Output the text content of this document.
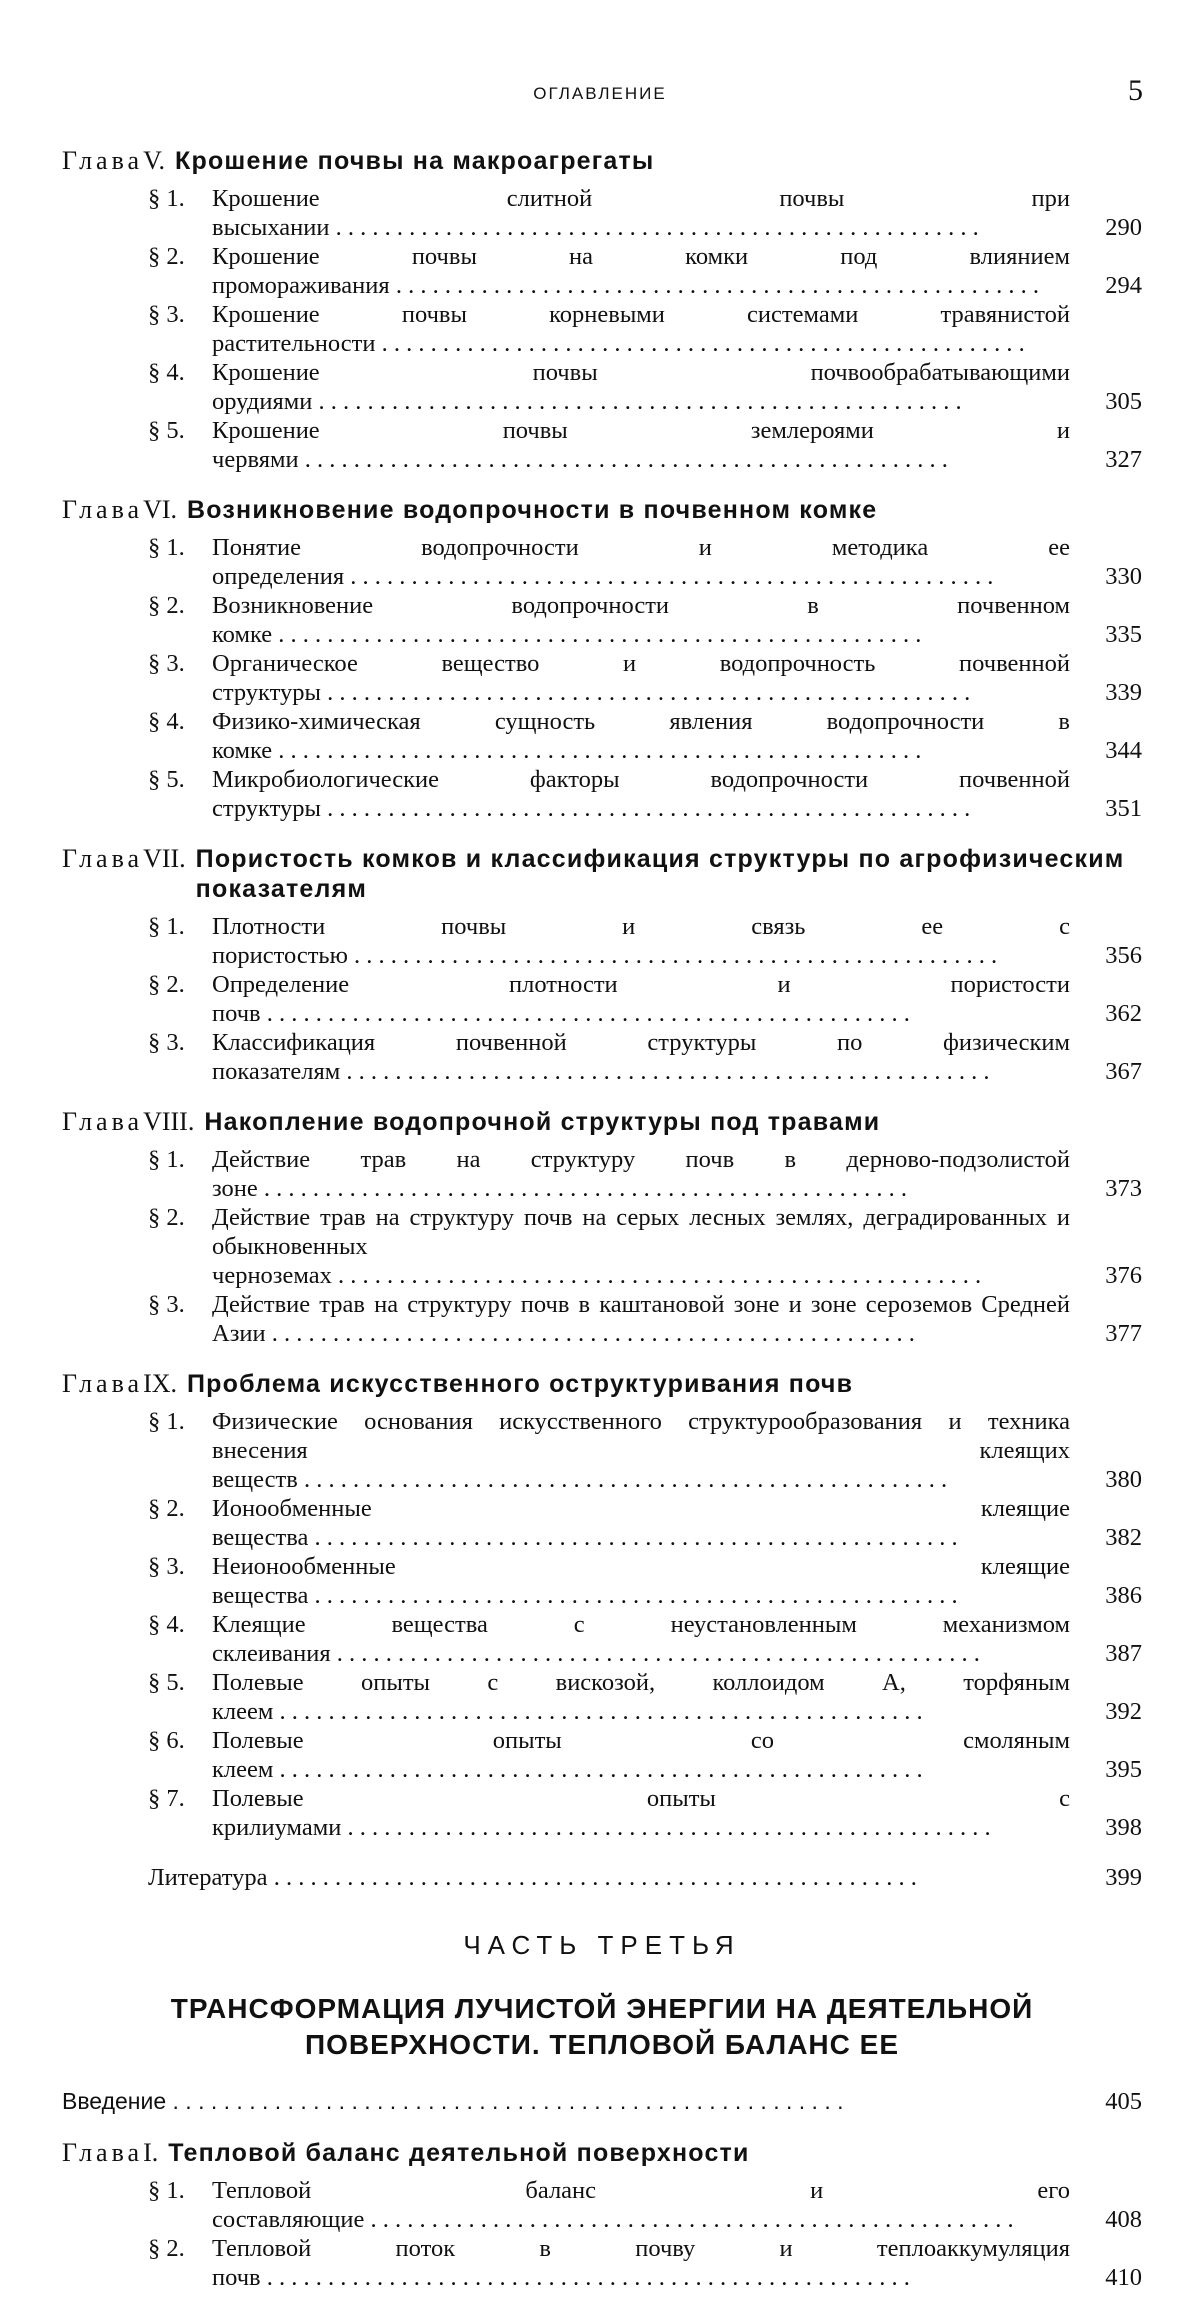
ОГЛАВЛЕНИЕ	5
Глава V. Крошение почвы на макроагрегаты
§ 1. Крошение слитной почвы при высыхании . . .	290
§ 2. Крошение почвы на комки под влиянием промораживания . . .	294
§ 3. Крошение почвы корневыми системами травянистой растительности . . .
§ 4. Крошение почвы почвообрабатывающими орудиями . . .	305
§ 5. Крошение почвы землероями и червями . . .	327
Глава VI. Возникновение водопрочности в почвенном комке
§ 1. Понятие водопрочности и методика ее определения . . .	330
§ 2. Возникновение водопрочности в почвенном комке . . .	335
§ 3. Органическое вещество и водопрочность почвенной структуры . . .	339
§ 4. Физико-химическая сущность явления водопрочности в комке . . .	344
§ 5. Микробиологические факторы водопрочности почвенной структуры . . .	351
Глава VII. Пористость комков и классификация структуры по агрофизическим показателям
§ 1. Плотности почвы и связь ее с пористостью . . .	356
§ 2. Определение плотности и пористости почв . . .	362
§ 3. Классификация почвенной структуры по физическим показателям . . .	367
Глава VIII. Накопление водопрочной структуры под травами
§ 1. Действие трав на структуру почв в дерново-подзолистой зоне . . .	373
§ 2. Действие трав на структуру почв на серых лесных землях, деградированных и обыкновенных черноземах . . .	376
§ 3. Действие трав на структуру почв в каштановой зоне и зоне сероземов Средней Азии . . .	377
Глава IX. Проблема искусственного оструктуривания почв
§ 1. Физические основания искусственного структурообразования и техника внесения клеящих веществ . . .	380
§ 2. Ионообменные клеящие вещества . . .	382
§ 3. Неионообменные клеящие вещества . . .	386
§ 4. Клеящие вещества с неустановленным механизмом склеивания . . .	387
§ 5. Полевые опыты с вискозой, коллоидом А, торфяным клеем . . .	392
§ 6. Полевые опыты со смоляным клеем . . .	395
§ 7. Полевые опыты с крилиумами . . .	398
Литература . . .	399
ЧАСТЬ ТРЕТЬЯ
ТРАНСФОРМАЦИЯ ЛУЧИСТОЙ ЭНЕРГИИ НА ДЕЯТЕЛЬНОЙ ПОВЕРХНОСТИ. ТЕПЛОВОЙ БАЛАНС ЕЕ
Введение . . .	405
Глава I. Тепловой баланс деятельной поверхности
§ 1. Тепловой баланс и его составляющие . . .	408
§ 2. Тепловой поток в почву и теплоаккумуляция почв . . .	410
